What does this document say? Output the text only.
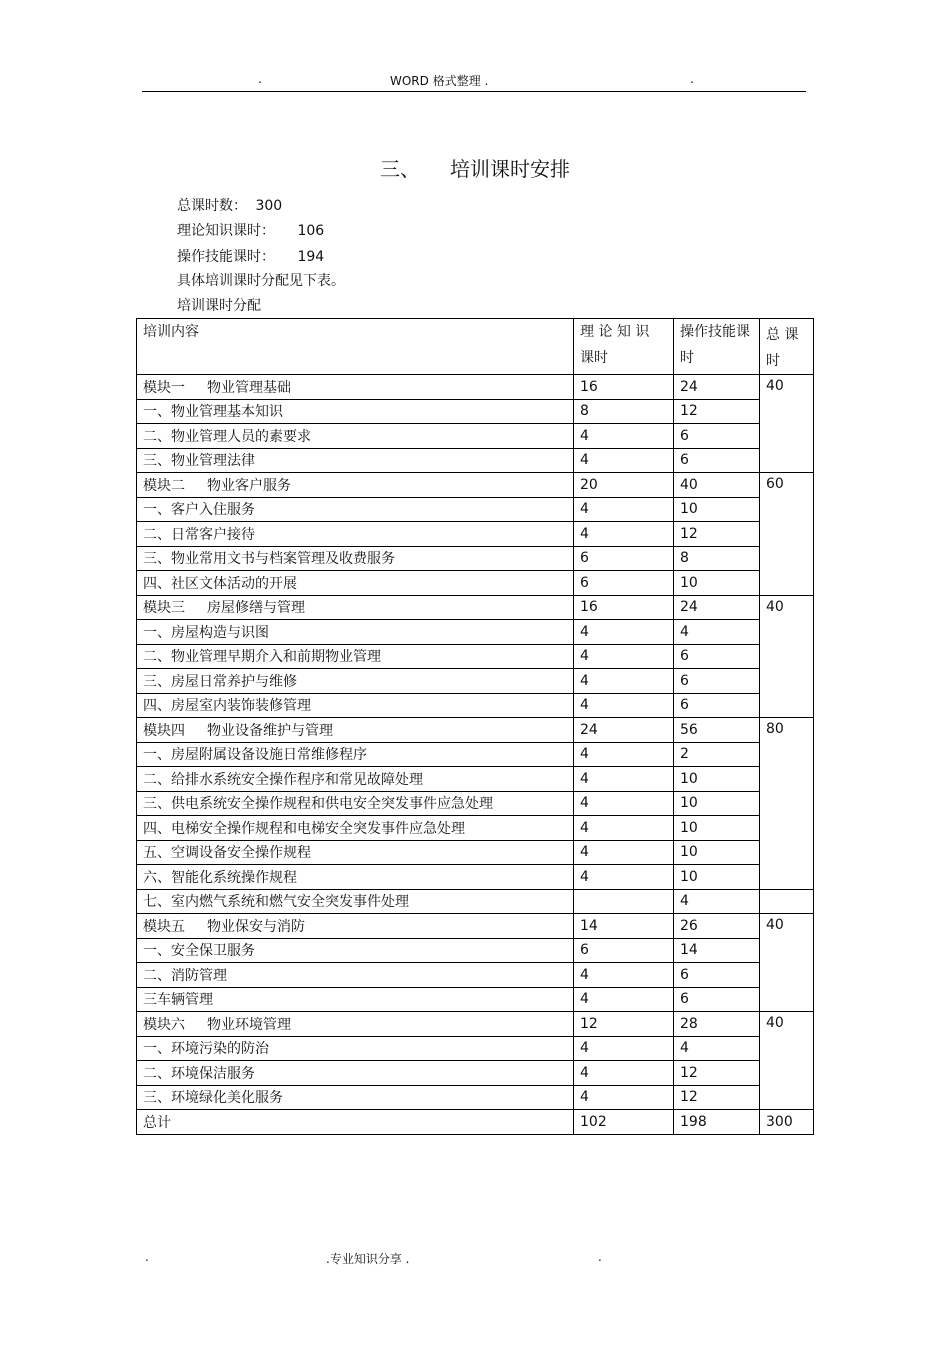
.	WORD 格式整理 .	.
三、 培训课时安排
总课时数： 300
理论知识课时： 106
操作技能课时： 194
具体培训课时分配见下表。
培训课时分配
培训内容	理 论 知 识 课时	操作技能课时	总 课 时
模块一 物业管理基础	16	24	40
一、物业管理基本知识	8	12	
二、物业管理人员的素要求	4	6	
三、物业管理法律	4	6	
模块二 物业客户服务	20	40	60
一、客户入住服务	4	10	
二、日常客户接待	4	12	
三、物业常用文书与档案管理及收费服务	6	8	
四、社区文体活动的开展	6	10	
模块三 房屋修缮与管理	16	24	40
一、房屋构造与识图	4	4	
二、物业管理早期介入和前期物业管理	4	6	
三、房屋日常养护与维修	4	6	
四、房屋室内装饰装修管理	4	6	
模块四 物业设备维护与管理	24	56	80
一、房屋附属设备设施日常维修程序	4	2	
二、给排水系统安全操作程序和常见故障处理	4	10	
三、供电系统安全操作规程和供电安全突发事件应急处理	4	10	
四、电梯安全操作规程和电梯安全突发事件应急处理	4	10	
五、空调设备安全操作规程	4	10	
六、智能化系统操作规程	4	10	
七、室内燃气系统和燃气安全突发事件处理		4	
模块五 物业保安与消防	14	26	40
一、安全保卫服务	6	14	
二、消防管理	4	6	
三车辆管理	4	6	
模块六 物业环境管理	12	28	40
一、环境污染的防治	4	4	
二、环境保洁服务	4	12	
三、环境绿化美化服务	4	12	
总计	102	198	300
.	.专业知识分享 .	.
